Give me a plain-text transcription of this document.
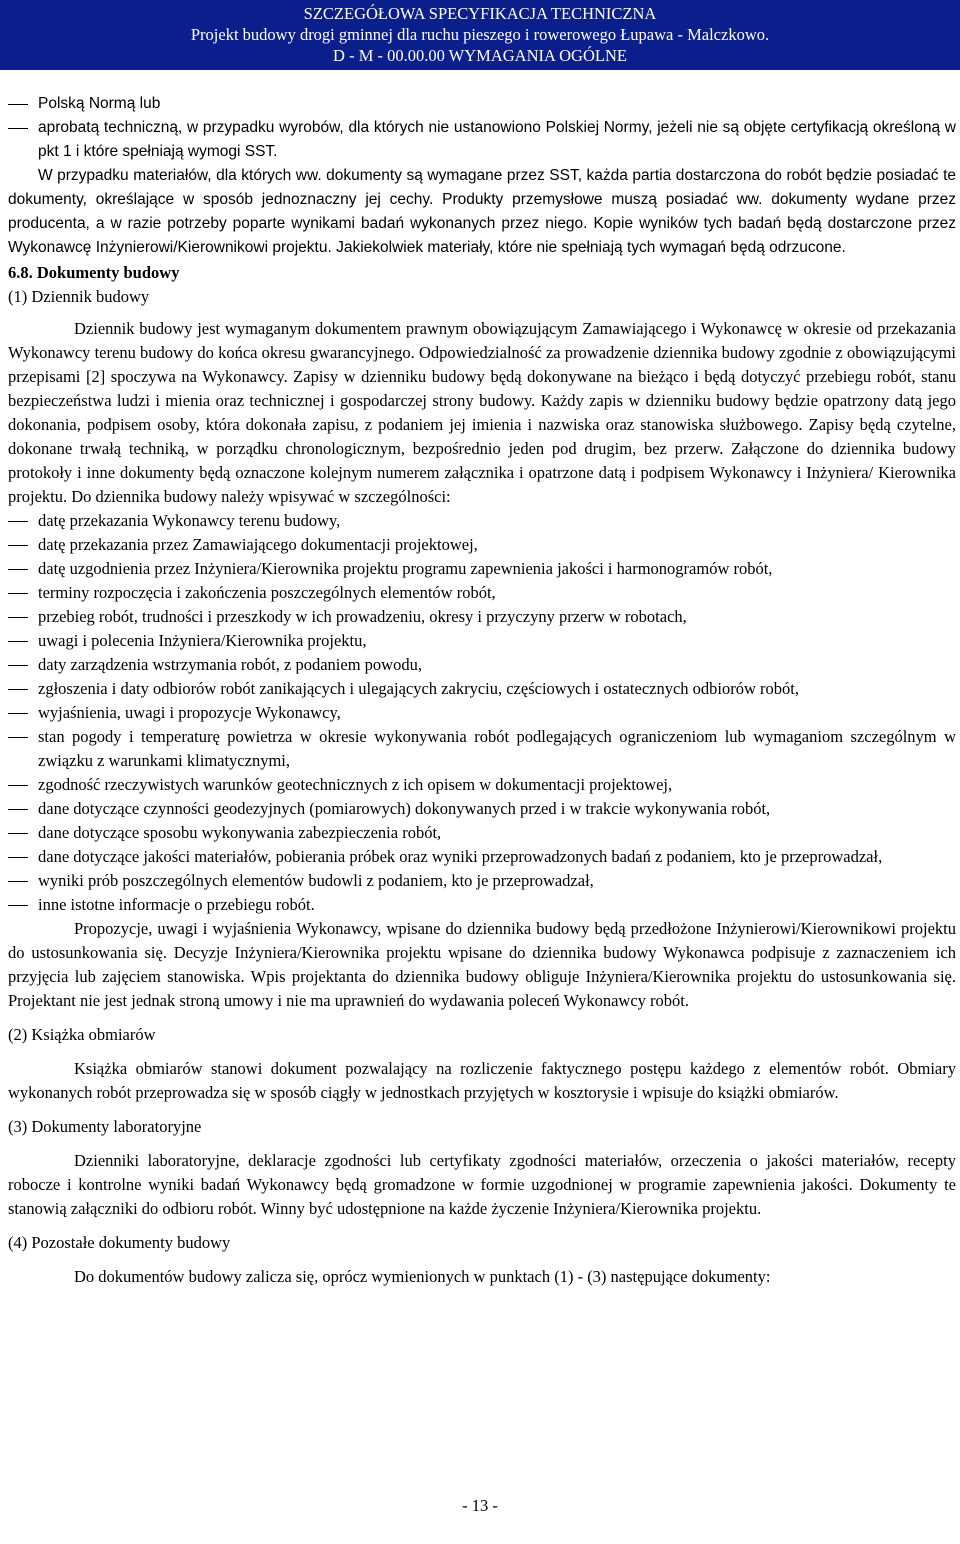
SZCZEGÓŁOWA SPECYFIKACJA TECHNICZNA
Projekt budowy drogi gminnej dla ruchu pieszego i rowerowego Łupawa - Malczkowo.
D - M - 00.00.00 WYMAGANIA OGÓLNE
Polską Normą lub
aprobatą techniczną, w przypadku wyrobów, dla których nie ustanowiono Polskiej Normy, jeżeli nie są objęte certyfikacją określoną w pkt 1 i które spełniają wymogi SST.
W przypadku materiałów, dla których ww. dokumenty są wymagane przez SST, każda partia dostarczona do robót będzie posiadać te dokumenty, określające w sposób jednoznaczny jej cechy. Produkty przemysłowe muszą posiadać ww. dokumenty wydane przez producenta, a w razie potrzeby poparte wynikami badań wykonanych przez niego. Kopie wyników tych badań będą dostarczone przez Wykonawcę Inżynierowi/Kierownikowi projektu. Jakiekolwiek materiały, które nie spełniają tych wymagań będą odrzucone.
6.8. Dokumenty budowy
(1) Dziennik budowy
Dziennik budowy jest wymaganym dokumentem prawnym obowiązującym Zamawiającego i Wykonawcę w okresie od przekazania Wykonawcy terenu budowy do końca okresu gwarancyjnego. Odpowiedzialność za prowadzenie dziennika budowy zgodnie z obowiązującymi przepisami [2] spoczywa na Wykonawcy. Zapisy w dzienniku budowy będą dokonywane na bieżąco i będą dotyczyć przebiegu robót, stanu bezpieczeństwa ludzi i mienia oraz technicznej i gospodarczej strony budowy. Każdy zapis w dzienniku budowy będzie opatrzony datą jego dokonania, podpisem osoby, która dokonała zapisu, z podaniem jej imienia i nazwiska oraz stanowiska służbowego. Zapisy będą czytelne, dokonane trwałą techniką, w porządku chronologicznym, bezpośrednio jeden pod drugim, bez przerw. Załączone do dziennika budowy protokoły i inne dokumenty będą oznaczone kolejnym numerem załącznika i opatrzone datą i podpisem Wykonawcy i Inżyniera/ Kierownika projektu. Do dziennika budowy należy wpisywać w szczególności:
datę przekazania Wykonawcy terenu budowy,
datę przekazania przez Zamawiającego dokumentacji projektowej,
datę uzgodnienia przez Inżyniera/Kierownika projektu programu zapewnienia jakości i harmonogramów robót,
terminy rozpoczęcia i zakończenia poszczególnych elementów robót,
przebieg robót, trudności i przeszkody w ich prowadzeniu, okresy i przyczyny przerw w robotach,
uwagi i polecenia Inżyniera/Kierownika projektu,
daty zarządzenia wstrzymania robót, z podaniem powodu,
zgłoszenia i daty odbiorów robót zanikających i ulegających zakryciu, częściowych i ostatecznych odbiorów robót,
wyjaśnienia, uwagi i propozycje Wykonawcy,
stan pogody i temperaturę powietrza w okresie wykonywania robót podlegających ograniczeniom lub wymaganiom szczególnym w związku z warunkami klimatycznymi,
zgodność rzeczywistych warunków geotechnicznych z ich opisem w dokumentacji projektowej,
dane dotyczące czynności geodezyjnych (pomiarowych) dokonywanych przed i w trakcie wykonywania robót,
dane dotyczące sposobu wykonywania zabezpieczenia robót,
dane dotyczące jakości materiałów, pobierania próbek oraz wyniki przeprowadzonych badań z podaniem, kto je przeprowadzał,
wyniki prób poszczególnych elementów budowli z podaniem, kto je przeprowadzał,
inne istotne informacje o przebiegu robót.
Propozycje, uwagi i wyjaśnienia Wykonawcy, wpisane do dziennika budowy będą przedłożone Inżynierowi/Kierownikowi projektu do ustosunkowania się. Decyzje Inżyniera/Kierownika projektu wpisane do dziennika budowy Wykonawca podpisuje z zaznaczeniem ich przyjęcia lub zajęciem stanowiska. Wpis projektanta do dziennika budowy obliguje Inżyniera/Kierownika projektu do ustosunkowania się. Projektant nie jest jednak stroną umowy i nie ma uprawnień do wydawania poleceń Wykonawcy robót.
(2) Książka obmiarów
Książka obmiarów stanowi dokument pozwalający na rozliczenie faktycznego postępu każdego z elementów robót. Obmiary wykonanych robót przeprowadza się w sposób ciągły w jednostkach przyjętych w kosztorysie i wpisuje do książki obmiarów.
(3) Dokumenty laboratoryjne
Dzienniki laboratoryjne, deklaracje zgodności lub certyfikaty zgodności materiałów, orzeczenia o jakości materiałów, recepty robocze i kontrolne wyniki badań Wykonawcy będą gromadzone w formie uzgodnionej w programie zapewnienia jakości. Dokumenty te stanowią załączniki do odbioru robót. Winny być udostępnione na każde życzenie Inżyniera/Kierownika projektu.
(4) Pozostałe dokumenty budowy
Do dokumentów budowy zalicza się, oprócz wymienionych w punktach (1) - (3) następujące dokumenty:
- 13 -
